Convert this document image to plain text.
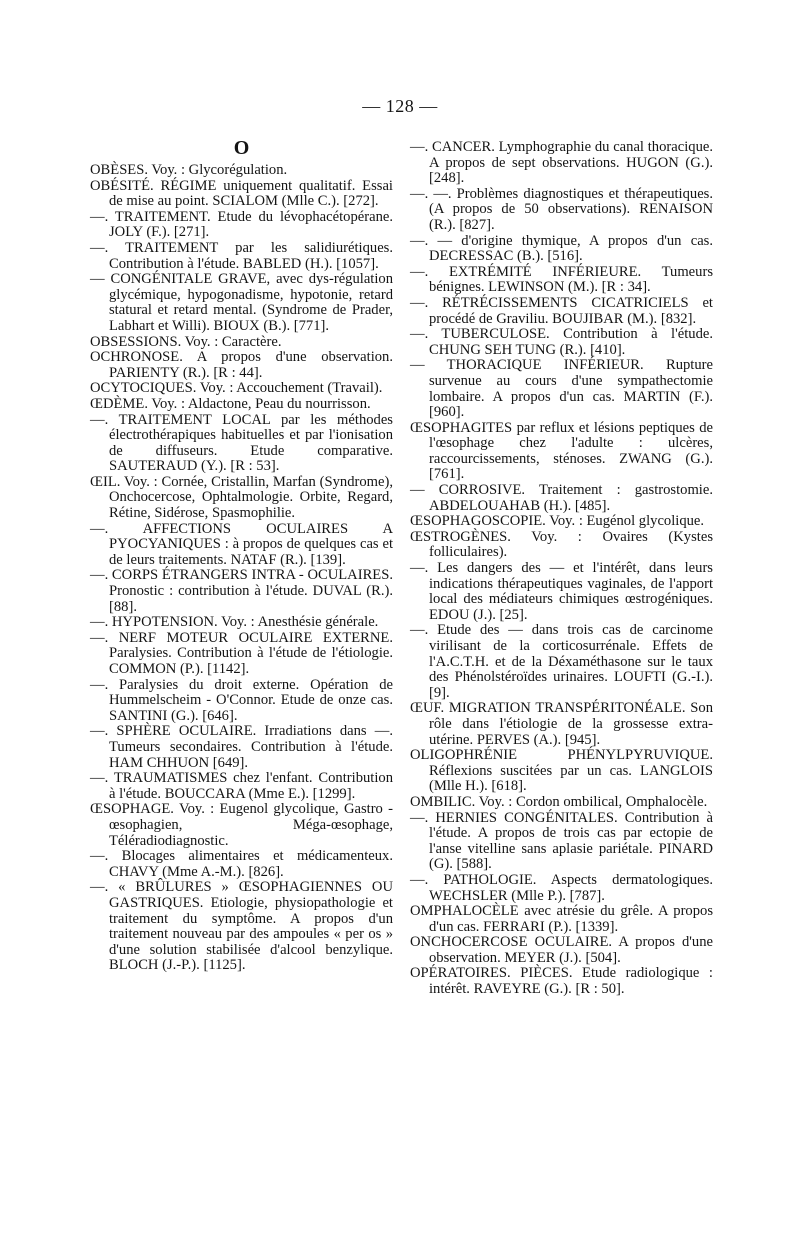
— 128 —
O

OBÈSES. Voy. : Glycorégulation.

OBÉSITÉ. RÉGIME uniquement qualitatif. Essai de mise au point. SCIALOM (Mlle C.). [272].

—. TRAITEMENT. Etude du lévophacétopérane. JOLY (F.). [271].

—. TRAITEMENT par les salidiurétiques. Contribution à l'étude. BABLED (H.). [1057].

— CONGÉNITALE GRAVE, avec dys-régulation glycémique, hypogonadisme, hypotonie, retard statural et retard mental. (Syndrome de Prader, Labhart et Willi). BIOUX (B.). [771].

OBSESSIONS. Voy. : Caractère.

OCHRONOSE. A propos d'une observation. PARIENTY (R.). [R : 44].

OCYTOCIQUES. Voy. : Accouchement (Travail).

ŒDÈME. Voy. : Aldactone, Peau du nourrisson.

—. TRAITEMENT LOCAL par les méthodes électrothérapiques habituelles et par l'ionisation de diffuseurs. Etude comparative. SAUTERAUD (Y.). [R : 53].

ŒIL. Voy. : Cornée, Cristallin, Marfan (Syndrome), Onchocercose, Ophtalmologie. Orbite, Regard, Rétine, Sidérose, Spasmophilie.

—. AFFECTIONS OCULAIRES A PYOCYANIQUES : à propos de quelques cas et de leurs traitements. NATAF (R.). [139].

—. CORPS ÉTRANGERS INTRA - OCULAIRES. Pronostic : contribution à l'étude. DUVAL (R.). [88].

—. HYPOTENSION. Voy. : Anesthésie générale.

—. NERF MOTEUR OCULAIRE EXTERNE. Paralysies. Contribution à l'étude de l'étiologie. COMMON (P.). [1142].

—. Paralysies du droit externe. Opération de Hummelscheim - O'Connor. Etude de onze cas. SANTINI (G.). [646].

—. SPHÈRE OCULAIRE. Irradiations dans —. Tumeurs secondaires. Contribution à l'étude. HAM CHHUON [649].

—. TRAUMATISMES chez l'enfant. Contribution à l'étude. BOUCCARA (Mme E.). [1299].

ŒSOPHAGE. Voy. : Eugenol glycolique, Gastro - œsophagien, Méga-œsophage, Téléradiodiagnostic.

—. Blocages alimentaires et médicamenteux. CHAVY (Mme A.-M.). [826].

—. « BRÛLURES » ŒSOPHAGIENNES OU GASTRIQUES. Etiologie, physiopathologie et traitement du symptôme. A propos d'un traitement nouveau par des ampoules « per os » d'une solution stabilisée d'alcool benzylique. BLOCH (J.-P.). [1125].

—. CANCER. Lymphographie du canal thoracique. A propos de sept observations. HUGON (G.). [248].

—. —. Problèmes diagnostiques et thérapeutiques. (A propos de 50 observations). RENAISON (R.). [827].

—. — d'origine thymique, A propos d'un cas. DECRESSAC (B.). [516].

—. EXTRÉMITÉ INFÉRIEURE. Tumeurs bénignes. LEWINSON (M.). [R : 34].

—. RÉTRÉCISSEMENTS CICATRICIELS et procédé de Graviliu. BOUJIBAR (M.). [832].

—. TUBERCULOSE. Contribution à l'étude. CHUNG SEH TUNG (R.). [410].

— THORACIQUE INFÉRIEUR. Rupture survenue au cours d'une sympathectomie lombaire. A propos d'un cas. MARTIN (F.). [960].

ŒSOPHAGITES par reflux et lésions peptiques de l'œsophage chez l'adulte : ulcères, raccourcissements, sténoses. ZWANG (G.). [761].

— CORROSIVE. Traitement : gastrostomie. ABDELOUAHAB (H.). [485].

ŒSOPHAGOSCOPIE. Voy. : Eugénol glycolique.

ŒSTROGÈNES. Voy. : Ovaires (Kystes folliculaires).

—. Les dangers des — et l'intérêt, dans leurs indications thérapeutiques vaginales, de l'apport local des médiateurs chimiques œstrogéniques. EDOU (J.). [25].

—. Etude des — dans trois cas de carcinome virilisant de la corticosurrénale. Effets de l'A.C.T.H. et de la Déxaméthasone sur le taux des Phénolstéroïdes urinaires. LOUFTI (G.-I.). [9].

ŒUF. MIGRATION TRANSPÉRITONÉALE. Son rôle dans l'étiologie de la grossesse extra-utérine. PERVES (A.). [945].

OLIGOPHRÉNIE PHÉNYLPYRUVIQUE. Réflexions suscitées par un cas. LANGLOIS (Mlle H.). [618].

OMBILIC. Voy. : Cordon ombilical, Omphalocèle.

—. HERNIES CONGÉNITALES. Contribution à l'étude. A propos de trois cas par ectopie de l'anse vitelline sans aplasie pariétale. PINARD (G). [588].

—. PATHOLOGIE. Aspects dermatologiques. WECHSLER (Mlle P.). [787].

OMPHALOCÈLE avec atrésie du grêle. A propos d'un cas. FERRARI (P.). [1339].

ONCHOCERCOSE OCULAIRE. A propos d'une observation. MEYER (J.). [504].

OPÉRATOIRES. PIÈCES. Etude radiologique : intérêt. RAVEYRE (G.). [R : 50].
